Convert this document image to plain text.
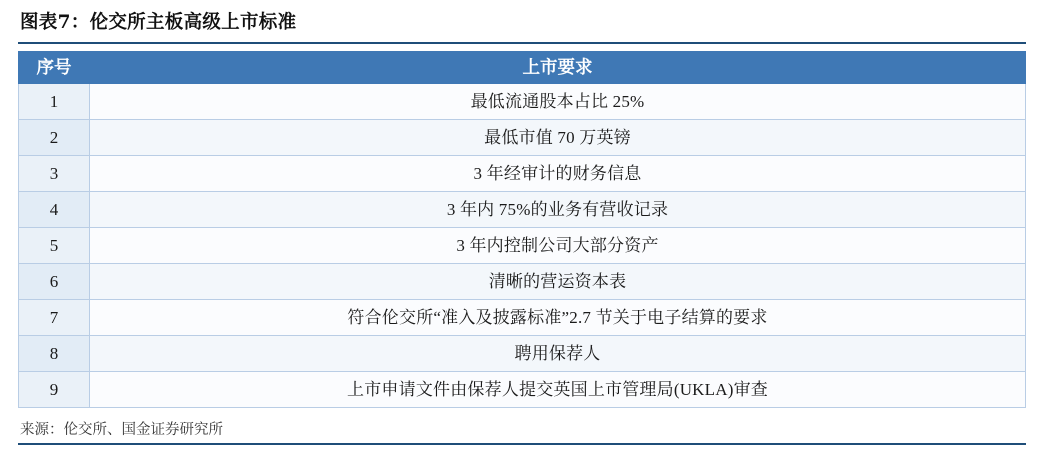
图表7：伦交所主板高级上市标准
序号	上市要求
1	最低流通股本占比 25%
2	最低市值 70 万英镑
3	3 年经审计的财务信息
4	3 年内 75%的业务有营收记录
5	3 年内控制公司大部分资产
6	清晰的营运资本表
7	符合伦交所“准入及披露标准”2.7 节关于电子结算的要求
8	聘用保荐人
9	上市申请文件由保荐人提交英国上市管理局(UKLA)审查
来源：伦交所、国金证券研究所
